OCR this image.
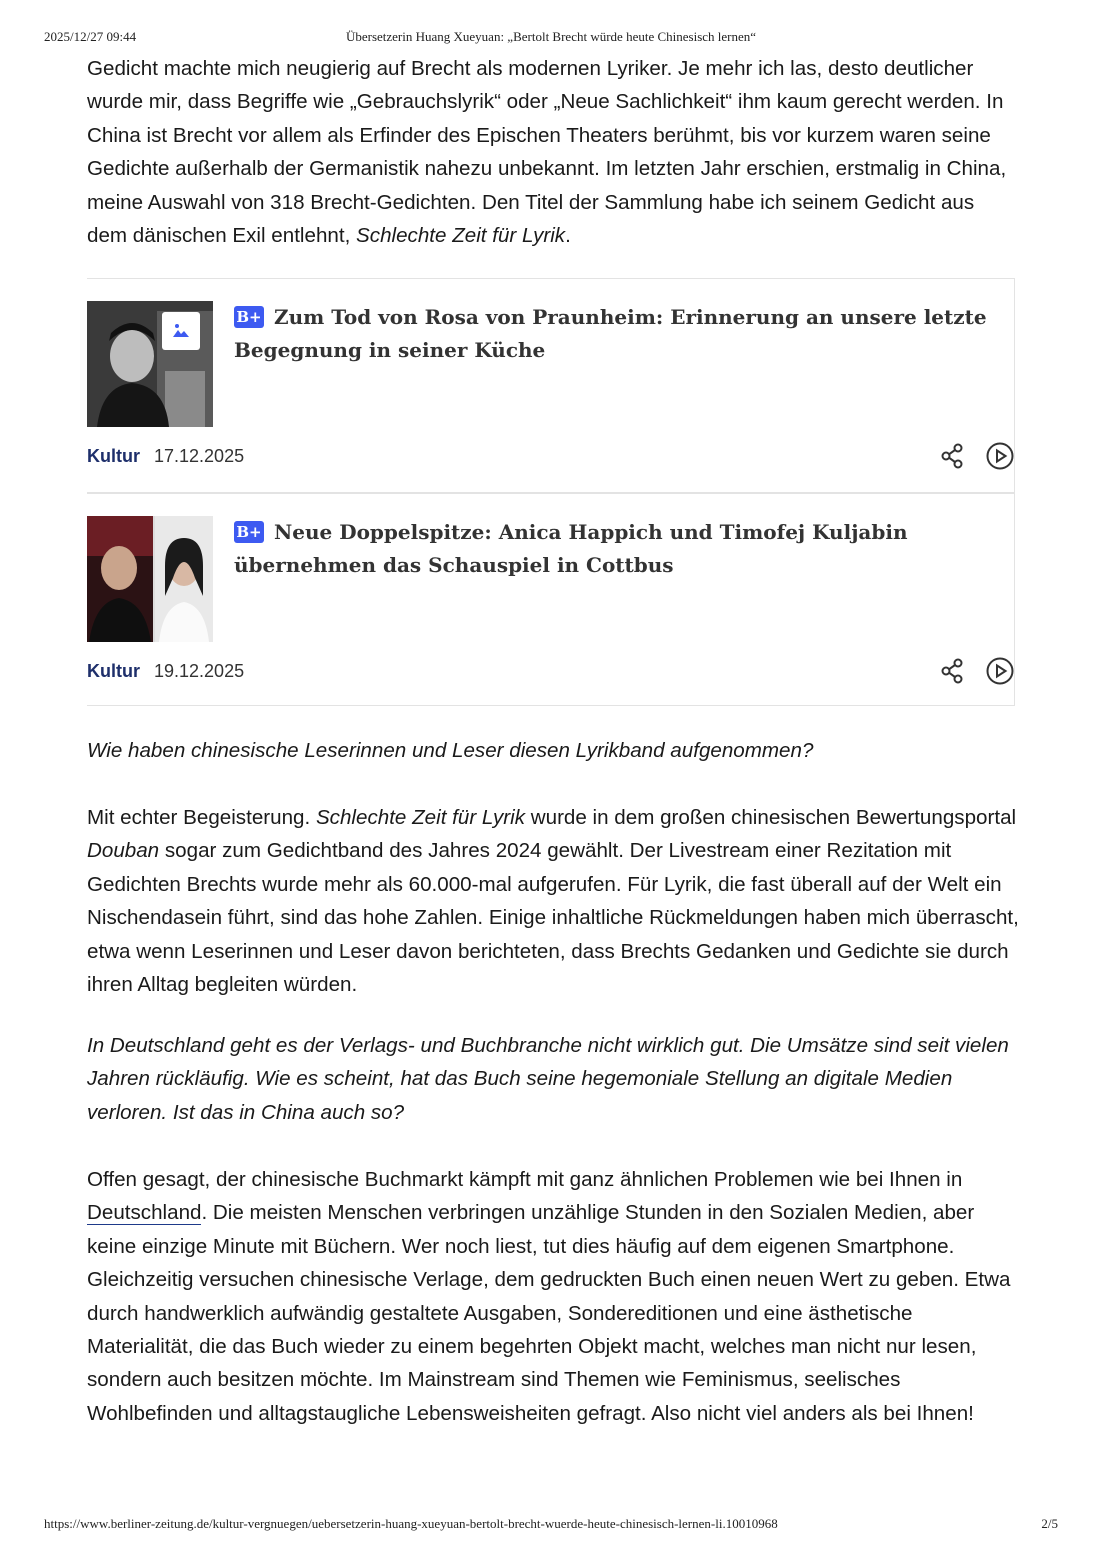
2025/12/27 09:44	Übersetzerin Huang Xueyuan: „Bertolt Brecht würde heute Chinesisch lernen“

Gedicht machte mich neugierig auf Brecht als modernen Lyriker. Je mehr ich las, desto deutlicher wurde mir, dass Begriffe wie „Gebrauchslyrik“ oder „Neue Sachlichkeit“ ihm kaum gerecht werden. In China ist Brecht vor allem als Erfinder des Epischen Theaters berühmt, bis vor kurzem waren seine Gedichte außerhalb der Germanistik nahezu unbekannt. Im letzten Jahr erschien, erstmalig in China, meine Auswahl von 318 Brecht-Gedichten. Den Titel der Sammlung habe ich seinem Gedicht aus dem dänischen Exil entlehnt, Schlechte Zeit für Lyrik.

Wie haben chinesische Leserinnen und Leser diesen Lyrikband aufgenommen?

Mit echter Begeisterung. Schlechte Zeit für Lyrik wurde in dem großen chinesischen Bewertungsportal Douban sogar zum Gedichtband des Jahres 2024 gewählt. Der Livestream einer Rezitation mit Gedichten Brechts wurde mehr als 60.000-mal aufgerufen. Für Lyrik, die fast überall auf der Welt ein Nischendasein führt, sind das hohe Zahlen. Einige inhaltliche Rückmeldungen haben mich überrascht, etwa wenn Leserinnen und Leser davon berichteten, dass Brechts Gedanken und Gedichte sie durch ihren Alltag begleiten würden.

In Deutschland geht es der Verlags- und Buchbranche nicht wirklich gut. Die Umsätze sind seit vielen Jahren rückläufig. Wie es scheint, hat das Buch seine hegemoniale Stellung an digitale Medien verloren. Ist das in China auch so?

Offen gesagt, der chinesische Buchmarkt kämpft mit ganz ähnlichen Problemen wie bei Ihnen in Deutschland. Die meisten Menschen verbringen unzählige Stunden in den Sozialen Medien, aber keine einzige Minute mit Büchern. Wer noch liest, tut dies häufig auf dem eigenen Smartphone. Gleichzeitig versuchen chinesische Verlage, dem gedruckten Buch einen neuen Wert zu geben. Etwa durch handwerklich aufwändig gestaltete Ausgaben, Sondereditionen und eine ästhetische Materialität, die das Buch wieder zu einem begehrten Objekt macht, welches man nicht nur lesen, sondern auch besitzen möchte. Im Mainstream sind Themen wie Feminismus, seelisches Wohlbefinden und alltagstaugliche Lebensweisheiten gefragt. Also nicht viel anders als bei Ihnen!

B+ Zum Tod von Rosa von Praunheim: Erinnerung an unsere letzte Begegnung in seiner Küche
Kultur 17.12.2025

B+ Neue Doppelspitze: Anica Happich und Timofej Kuljabin übernehmen das Schauspiel in Cottbus
Kultur 19.12.2025

https://www.berliner-zeitung.de/kultur-vergnuegen/uebersetzerin-huang-xueyuan-bertolt-brecht-wuerde-heute-chinesisch-lernen-li.10010968	2/5
